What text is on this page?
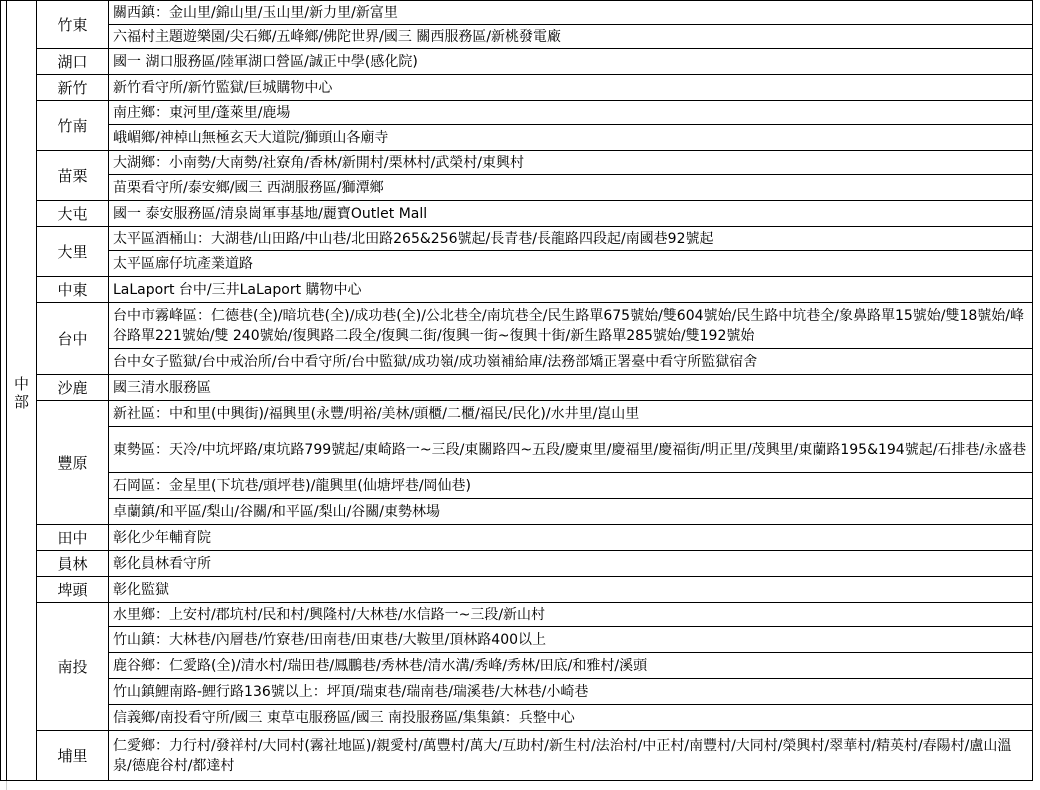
	中部	竹東	關西鎮：金山里/錦山里/玉山里/新力里/新富里
			六福村主題遊樂園/尖石鄉/五峰鄉/佛陀世界/國三 關西服務區/新桃發電廠
		湖口	國一 湖口服務區/陸軍湖口營區/誠正中學(感化院)
		新竹	新竹看守所/新竹監獄/巨城購物中心
		竹南	南庄鄉：東河里/蓬萊里/鹿場
			峨嵋鄉/神棹山無極玄天大道院/獅頭山各廟寺
		苗栗	大湖鄉：小南勢/大南勢/社寮角/香林/新開村/栗林村/武榮村/東興村
			苗栗看守所/泰安鄉/國三 西湖服務區/獅潭鄉
		大屯	國一 泰安服務區/清泉崗軍事基地/麗寶Outlet Mall
		大里	太平區酒桶山：大湖巷/山田路/中山巷/北田路265&256號起/長青巷/長龍路四段起/南國巷92號起
			太平區廍仔坑產業道路
		中東	LaLaport 台中/三井LaLaport 購物中心
		台中	台中市霧峰區：仁德巷(全)/暗坑巷(全)/成功巷(全)/公北巷全/南坑巷全/民生路單675號始/雙604號始/民生路中坑巷全/象鼻路單15號始/雙18號始/峰谷路單221號始/雙 240號始/復興路二段全/復興二街/復興一街~復興十街/新生路單285號始/雙192號始
			台中女子監獄/台中戒治所/台中看守所/台中監獄/成功嶺/成功嶺補給庫/法務部矯正署臺中看守所監獄宿舍
		沙鹿	國三清水服務區
		豐原	新社區：中和里(中興街)/福興里(永豐/明裕/美林/頭櫃/二櫃/福民/民化)/水井里/崑山里
			東勢區：天冷/中坑坪路/東坑路799號起/東崎路一~三段/東關路四~五段/慶東里/慶福里/慶福街/明正里/茂興里/東蘭路195&194號起/石排巷/永盛巷
			石岡區：金星里(下坑巷/頭坪巷)/龍興里(仙塘坪巷/岡仙巷)
			卓蘭鎮/和平區/梨山/谷關/和平區/梨山/谷關/東勢林場
		田中	彰化少年輔育院
		員林	彰化員林看守所
		埤頭	彰化監獄
		南投	水里鄉：上安村/郡坑村/民和村/興隆村/大林巷/水信路一~三段/新山村
			竹山鎮：大林巷/內層巷/竹寮巷/田南巷/田東巷/大鞍里/頂林路400以上
			鹿谷鄉：仁愛路(全)/清水村/瑞田巷/鳳鵬巷/秀林巷/清水溝/秀峰/秀林/田底/和雅村/溪頭
			竹山鎮鯉南路-鯉行路136號以上：坪頂/瑞東巷/瑞南巷/瑞溪巷/大林巷/小崎巷
			信義鄉/南投看守所/國三 東草屯服務區/國三 南投服務區/集集鎮：兵整中心
		埔里	仁愛鄉：力行村/發祥村/大同村(霧社地區)/親愛村/萬豐村/萬大/互助村/新生村/法治村/中正村/南豐村/大同村/榮興村/翠華村/精英村/春陽村/盧山溫泉/德鹿谷村/都達村
